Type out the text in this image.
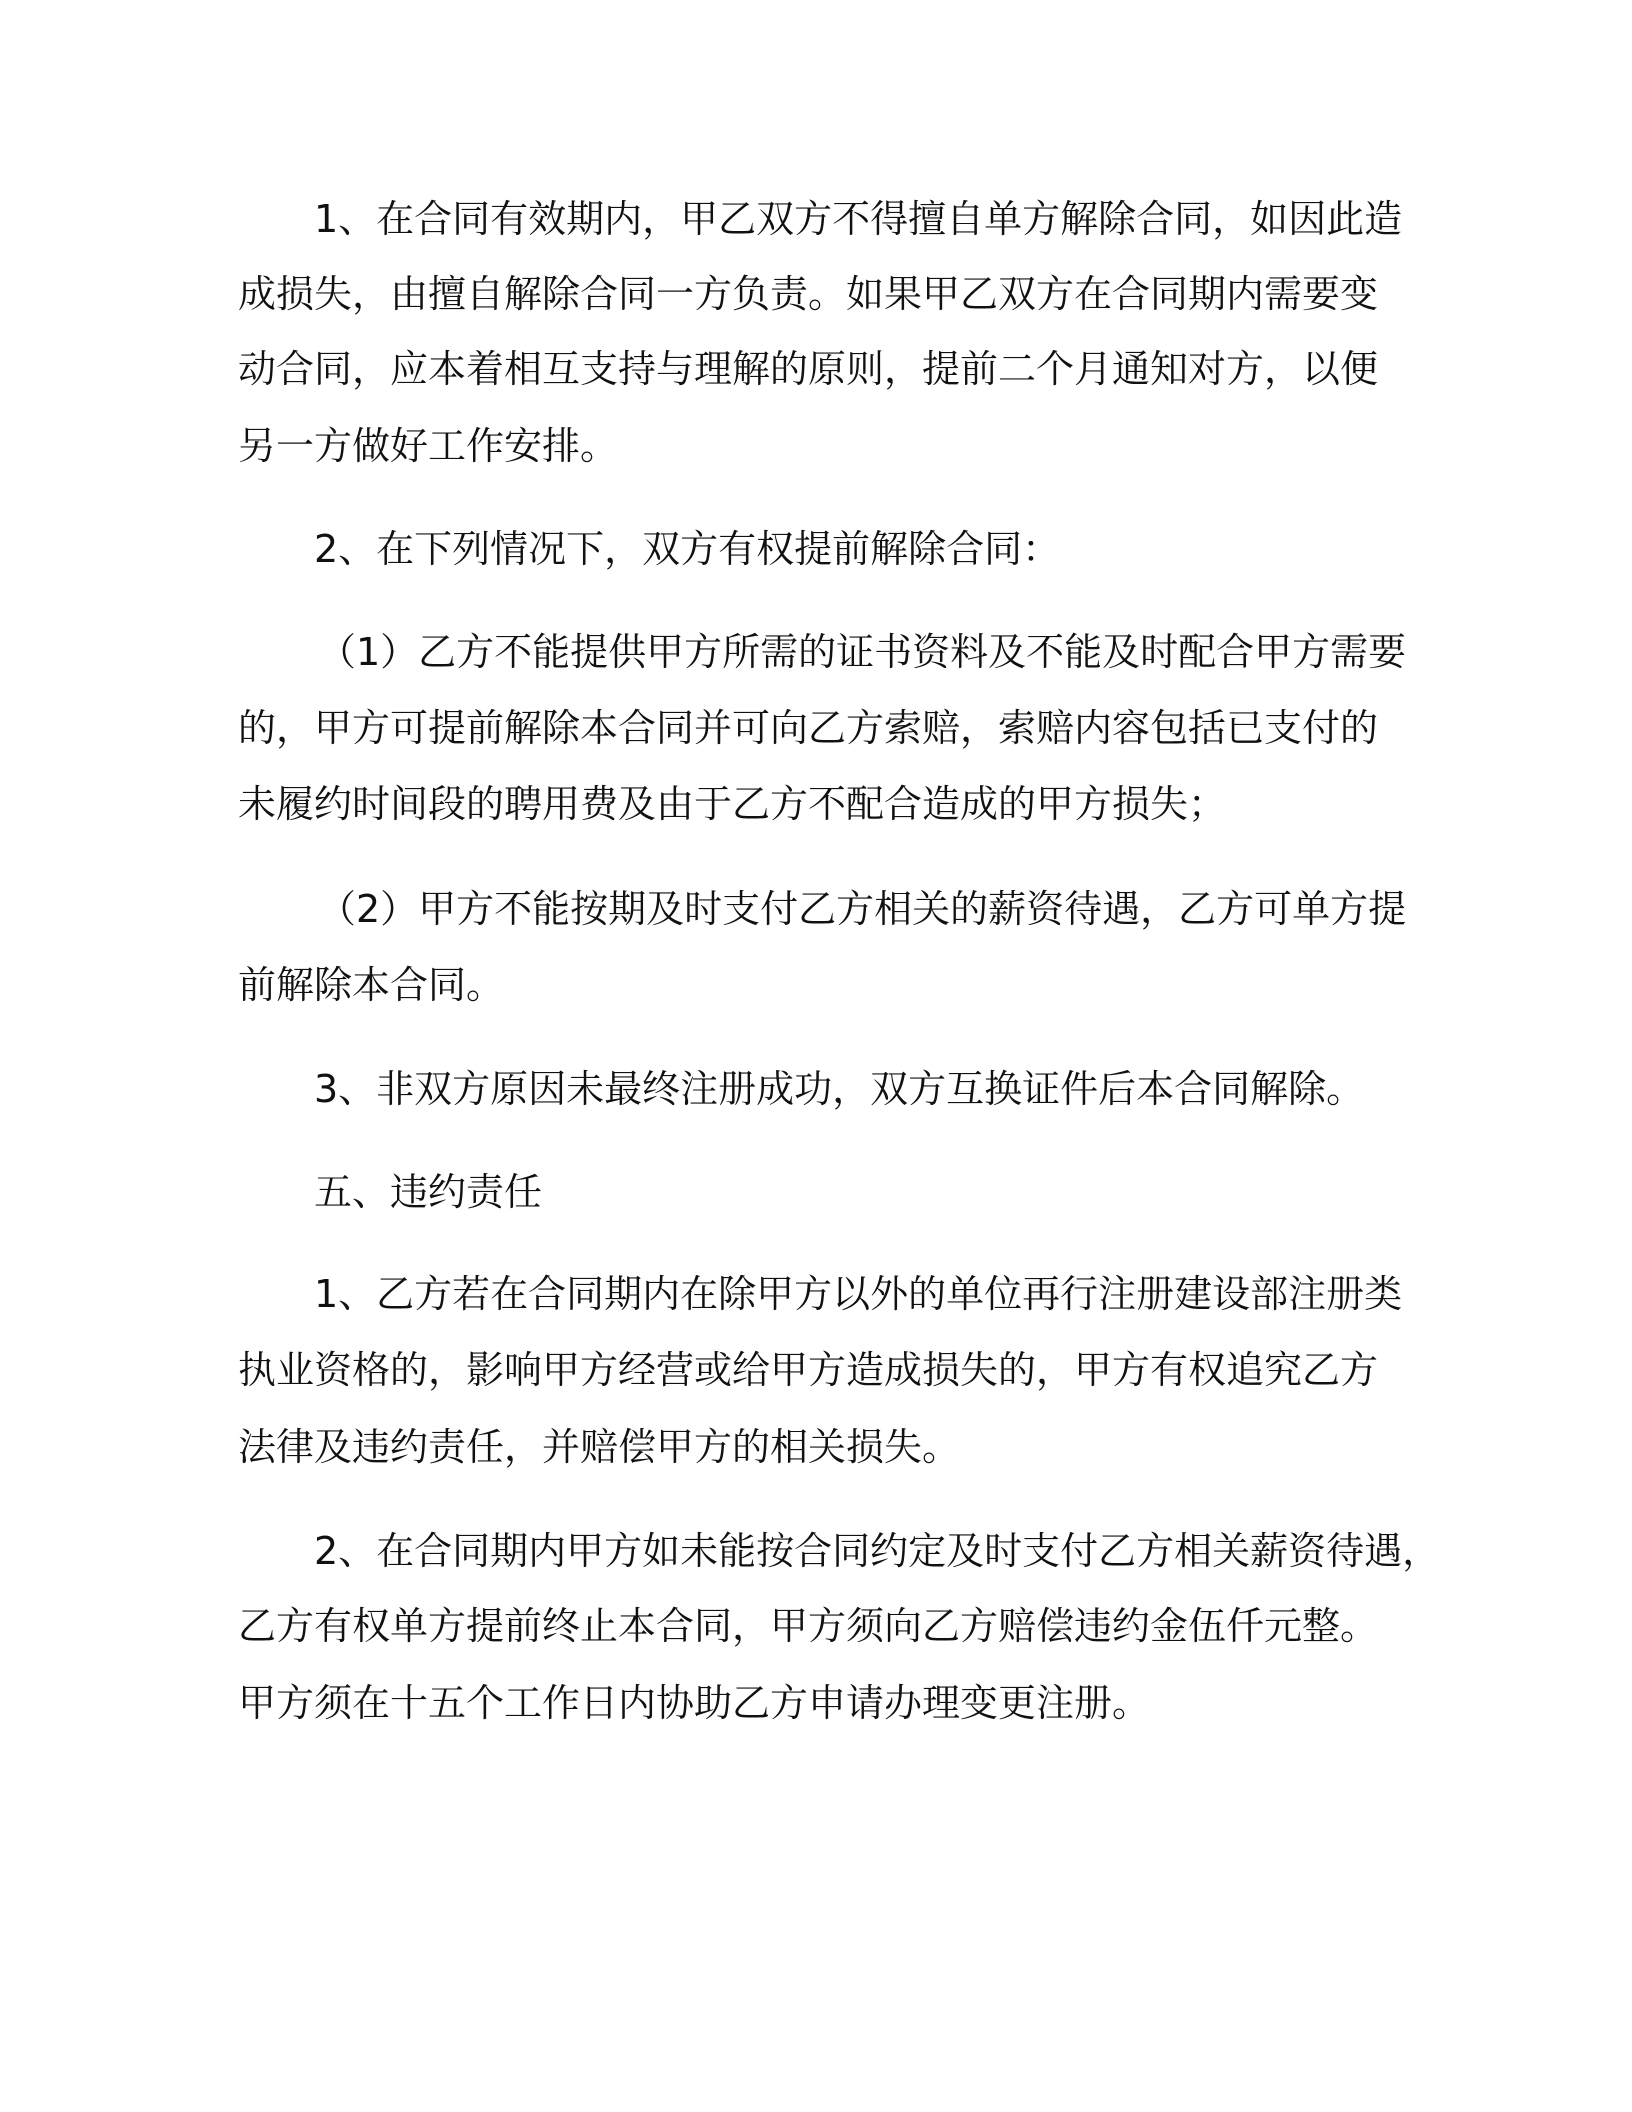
1、在合同有效期内，甲乙双方不得擅自单方解除合同，如因此造

成损失，由擅自解除合同一方负责。如果甲乙双方在合同期内需要变

动合同，应本着相互支持与理解的原则，提前二个月通知对方，以便

另一方做好工作安排。

2、在下列情况下，双方有权提前解除合同：

（1）乙方不能提供甲方所需的证书资料及不能及时配合甲方需要

的，甲方可提前解除本合同并可向乙方索赔，索赔内容包括已支付的

未履约时间段的聘用费及由于乙方不配合造成的甲方损失；

（2）甲方不能按期及时支付乙方相关的薪资待遇，乙方可单方提

前解除本合同。

3、非双方原因未最终注册成功，双方互换证件后本合同解除。

五、违约责任

1、乙方若在合同期内在除甲方以外的单位再行注册建设部注册类

执业资格的，影响甲方经营或给甲方造成损失的，甲方有权追究乙方

法律及违约责任，并赔偿甲方的相关损失。

2、在合同期内甲方如未能按合同约定及时支付乙方相关薪资待遇，

乙方有权单方提前终止本合同，甲方须向乙方赔偿违约金伍仟元整。

甲方须在十五个工作日内协助乙方申请办理变更注册。
